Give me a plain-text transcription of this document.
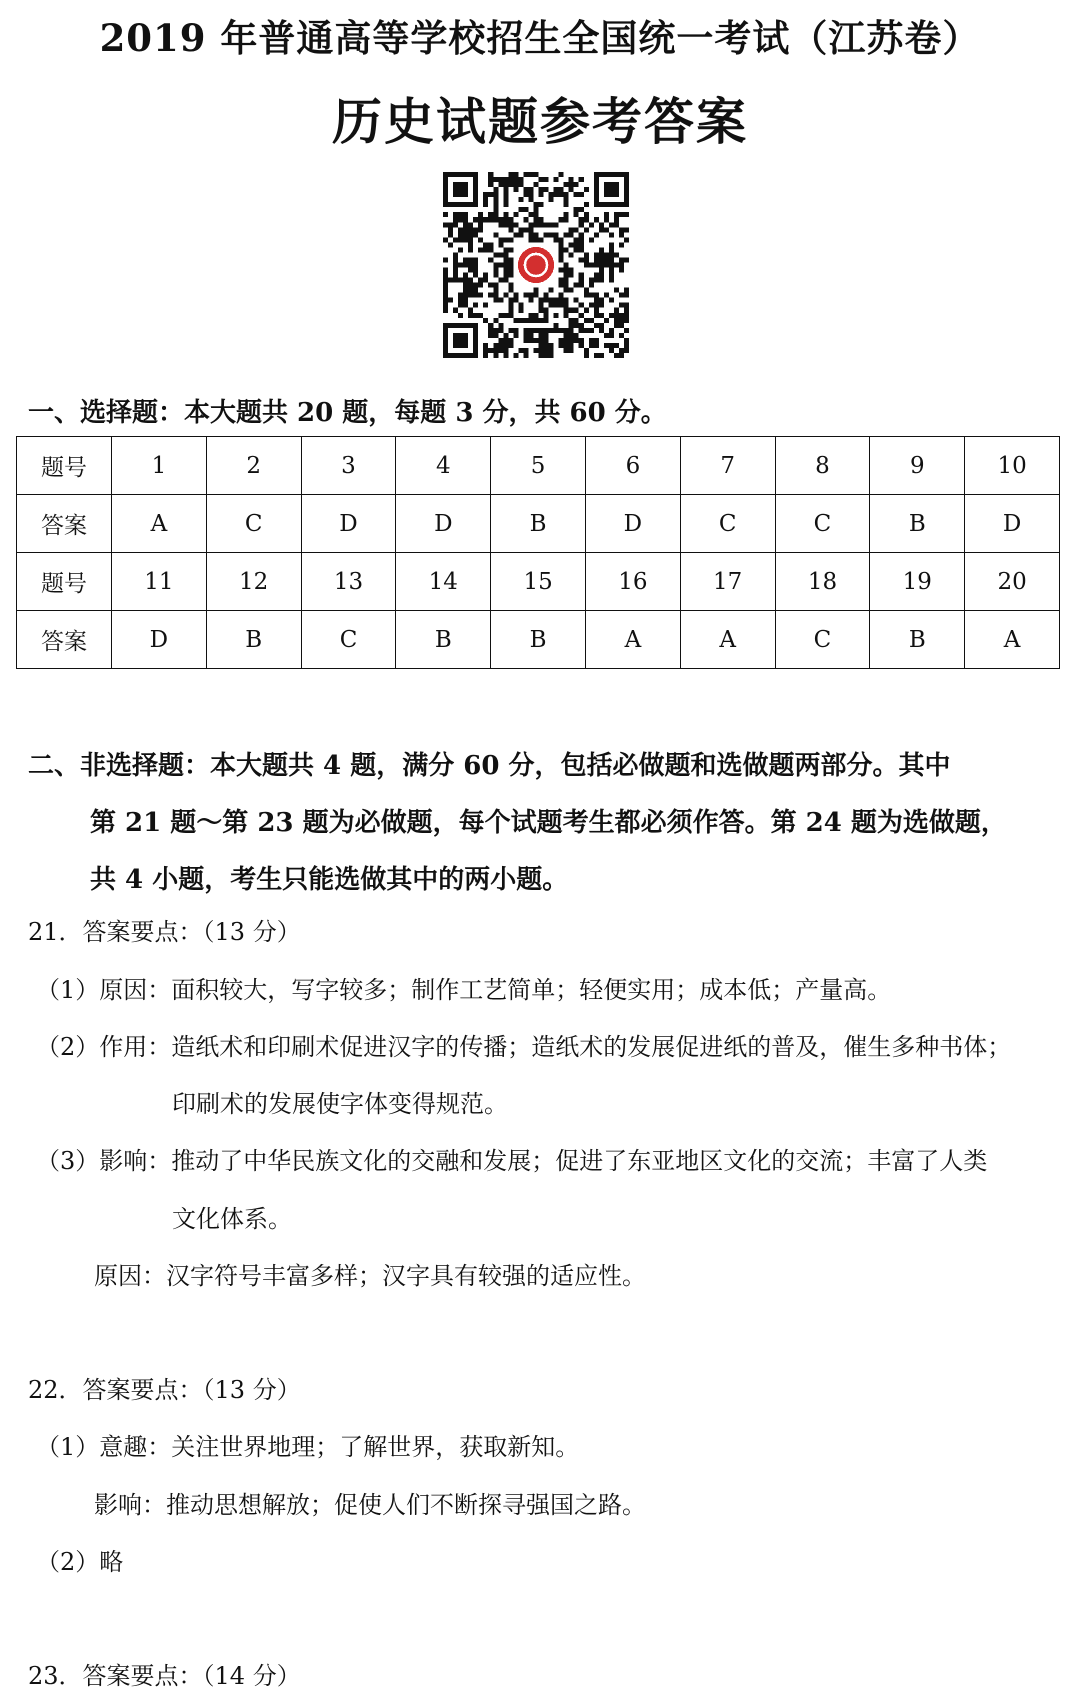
2019 年普通高等学校招生全国统一考试（江苏卷）
历史试题参考答案

一、选择题：本大题共 20 题，每题 3 分，共 60 分。

题号	1	2	3	4	5	6	7	8	9	10
答案	A	C	D	D	B	D	C	C	B	D
题号	11	12	13	14	15	16	17	18	19	20
答案	D	B	C	B	B	A	A	C	B	A
二、非选择题：本大题共 4 题，满分 60 分，包括必做题和选做题两部分。其中
第 21 题～第 23 题为必做题，每个试题考生都必须作答。第 24 题为选做题，
共 4 小题，考生只能选做其中的两小题。

21．答案要点：（13 分）

（1）原因：面积较大，写字较多；制作工艺简单；轻便实用；成本低；产量高。

（2）作用：造纸术和印刷术促进汉字的传播；造纸术的发展促进纸的普及，催生多种书体；

印刷术的发展使字体变得规范。

（3）影响：推动了中华民族文化的交融和发展；促进了东亚地区文化的交流；丰富了人类

文化体系。

原因：汉字符号丰富多样；汉字具有较强的适应性。

22．答案要点：（13 分）

（1）意趣：关注世界地理；了解世界，获取新知。

影响：推动思想解放；促使人们不断探寻强国之路。

（2）略

23．答案要点：（14 分）
